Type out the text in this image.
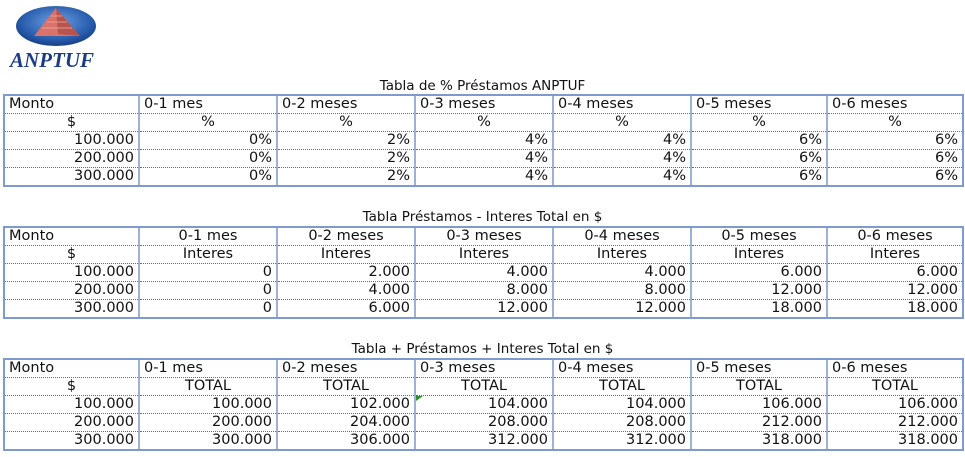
ANPTUF
Tabla de % Préstamos ANPTUF
Monto	0-1 mes	0-2 meses	0-3 meses	0-4 meses	0-5 meses	0-6 meses
$	%	%	%	%	%	%
100.000	0%	2%	4%	4%	6%	6%
200.000	0%	2%	4%	4%	6%	6%
300.000	0%	2%	4%	4%	6%	6%
Tabla Préstamos - Interes Total en $
Monto	0-1 mes	0-2 meses	0-3 meses	0-4 meses	0-5 meses	0-6 meses
$	Interes	Interes	Interes	Interes	Interes	Interes
100.000	0	2.000	4.000	4.000	6.000	6.000
200.000	0	4.000	8.000	8.000	12.000	12.000
300.000	0	6.000	12.000	12.000	18.000	18.000
Tabla + Préstamos + Interes Total en $
Monto	0-1 mes	0-2 meses	0-3 meses	0-4 meses	0-5 meses	0-6 meses
$	TOTAL	TOTAL	TOTAL	TOTAL	TOTAL	TOTAL
100.000	100.000	102.000	104.000	104.000	106.000	106.000
200.000	200.000	204.000	208.000	208.000	212.000	212.000
300.000	300.000	306.000	312.000	312.000	318.000	318.000
